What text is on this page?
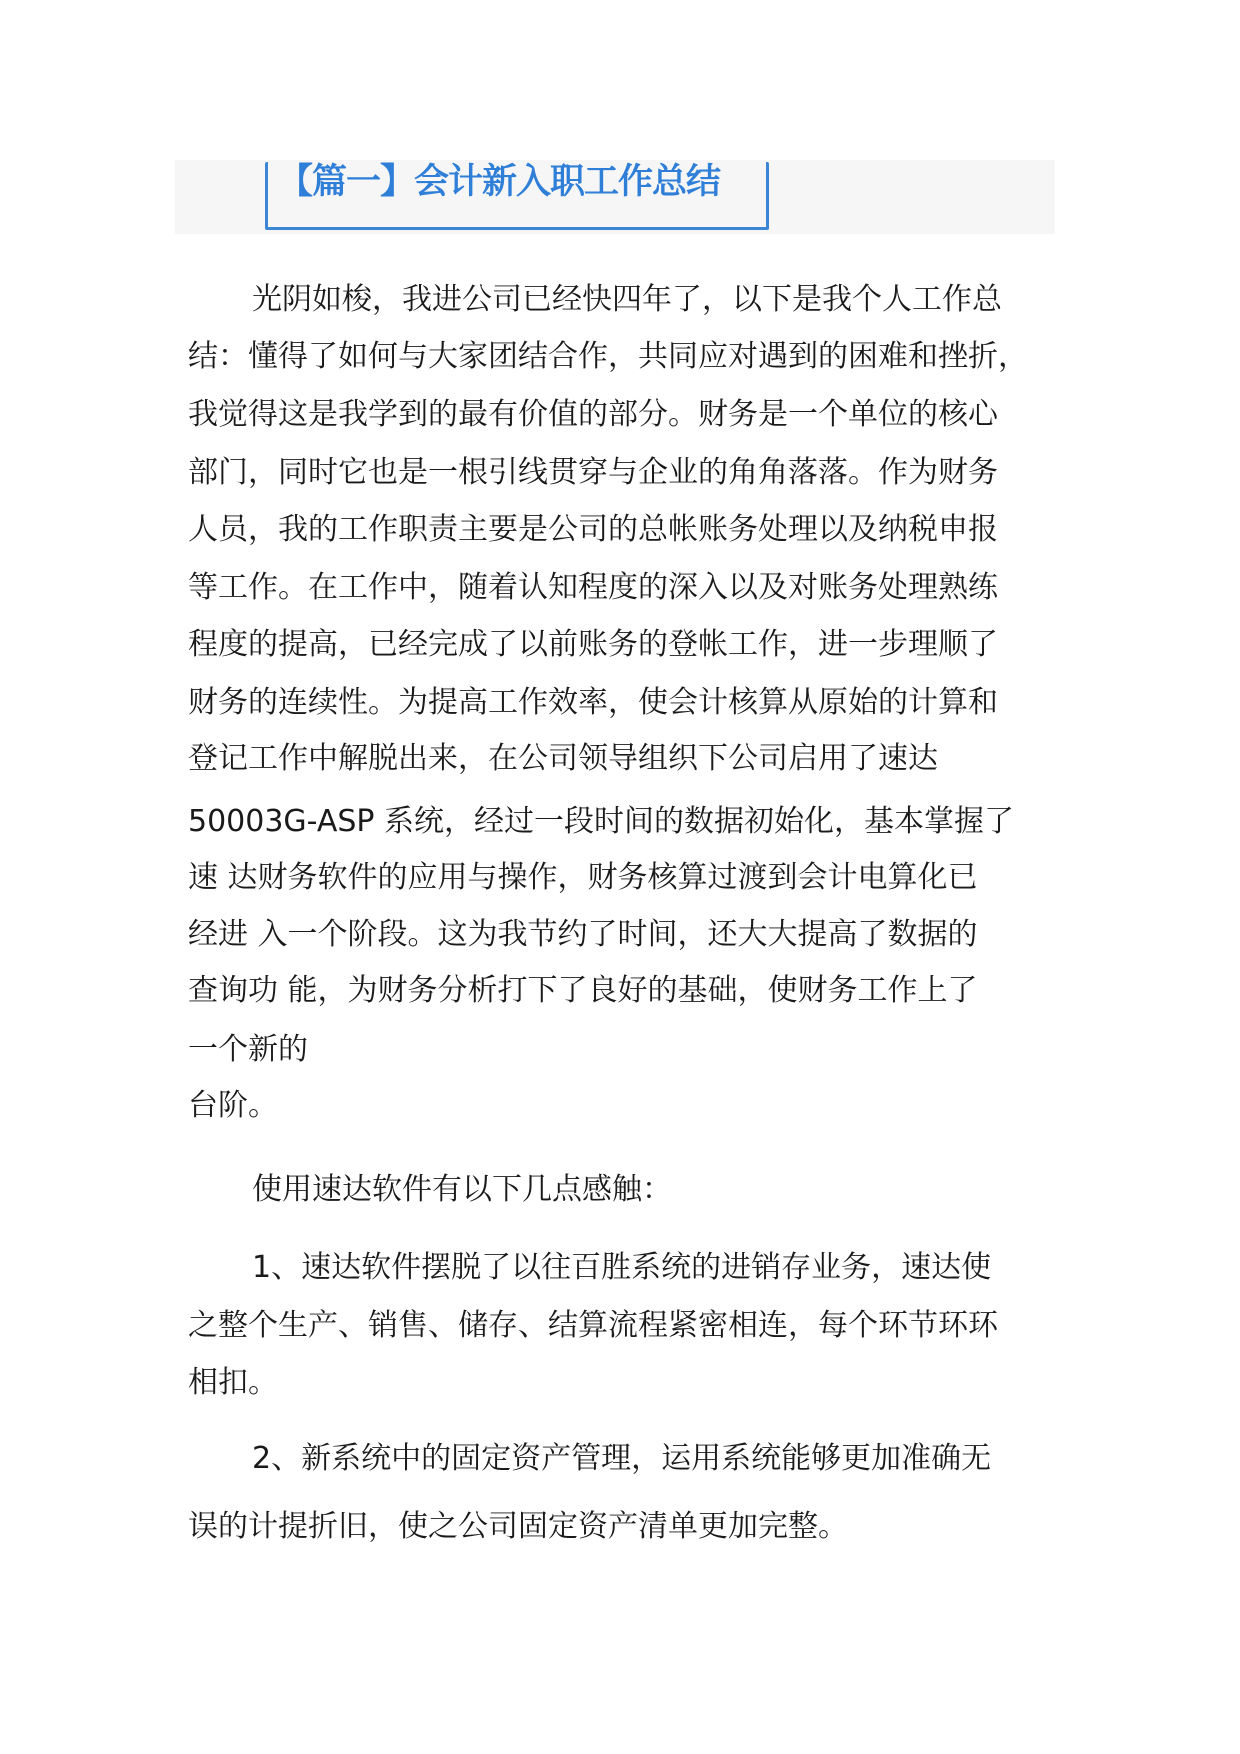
【篇一】会计新入职工作总结
光阴如梭，我进公司已经快四年了，以下是我个人工作总
结：懂得了如何与大家团结合作，共同应对遇到的困难和挫折，
我觉得这是我学到的最有价值的部分。财务是一个单位的核心
部门，同时它也是一根引线贯穿与企业的角角落落。作为财务
人员，我的工作职责主要是公司的总帐账务处理以及纳税申报
等工作。在工作中，随着认知程度的深入以及对账务处理熟练
程度的提高，已经完成了以前账务的登帐工作，进一步理顺了
财务的连续性。为提高工作效率，使会计核算从原始的计算和
登记工作中解脱出来，在公司领导组织下公司启用了速达
50003G-ASP 系统，经过一段时间的数据初始化，基本掌握了
速 达财务软件的应用与操作，财务核算过渡到会计电算化已
经进 入一个阶段。这为我节约了时间，还大大提高了数据的
查询功 能，为财务分析打下了良好的基础，使财务工作上了
一个新的
台阶。
使用速达软件有以下几点感触：
1、速达软件摆脱了以往百胜系统的进销存业务，速达使
之整个生产、销售、储存、结算流程紧密相连，每个环节环环
相扣。
2、新系统中的固定资产管理，运用系统能够更加准确无
误的计提折旧，使之公司固定资产清单更加完整。
